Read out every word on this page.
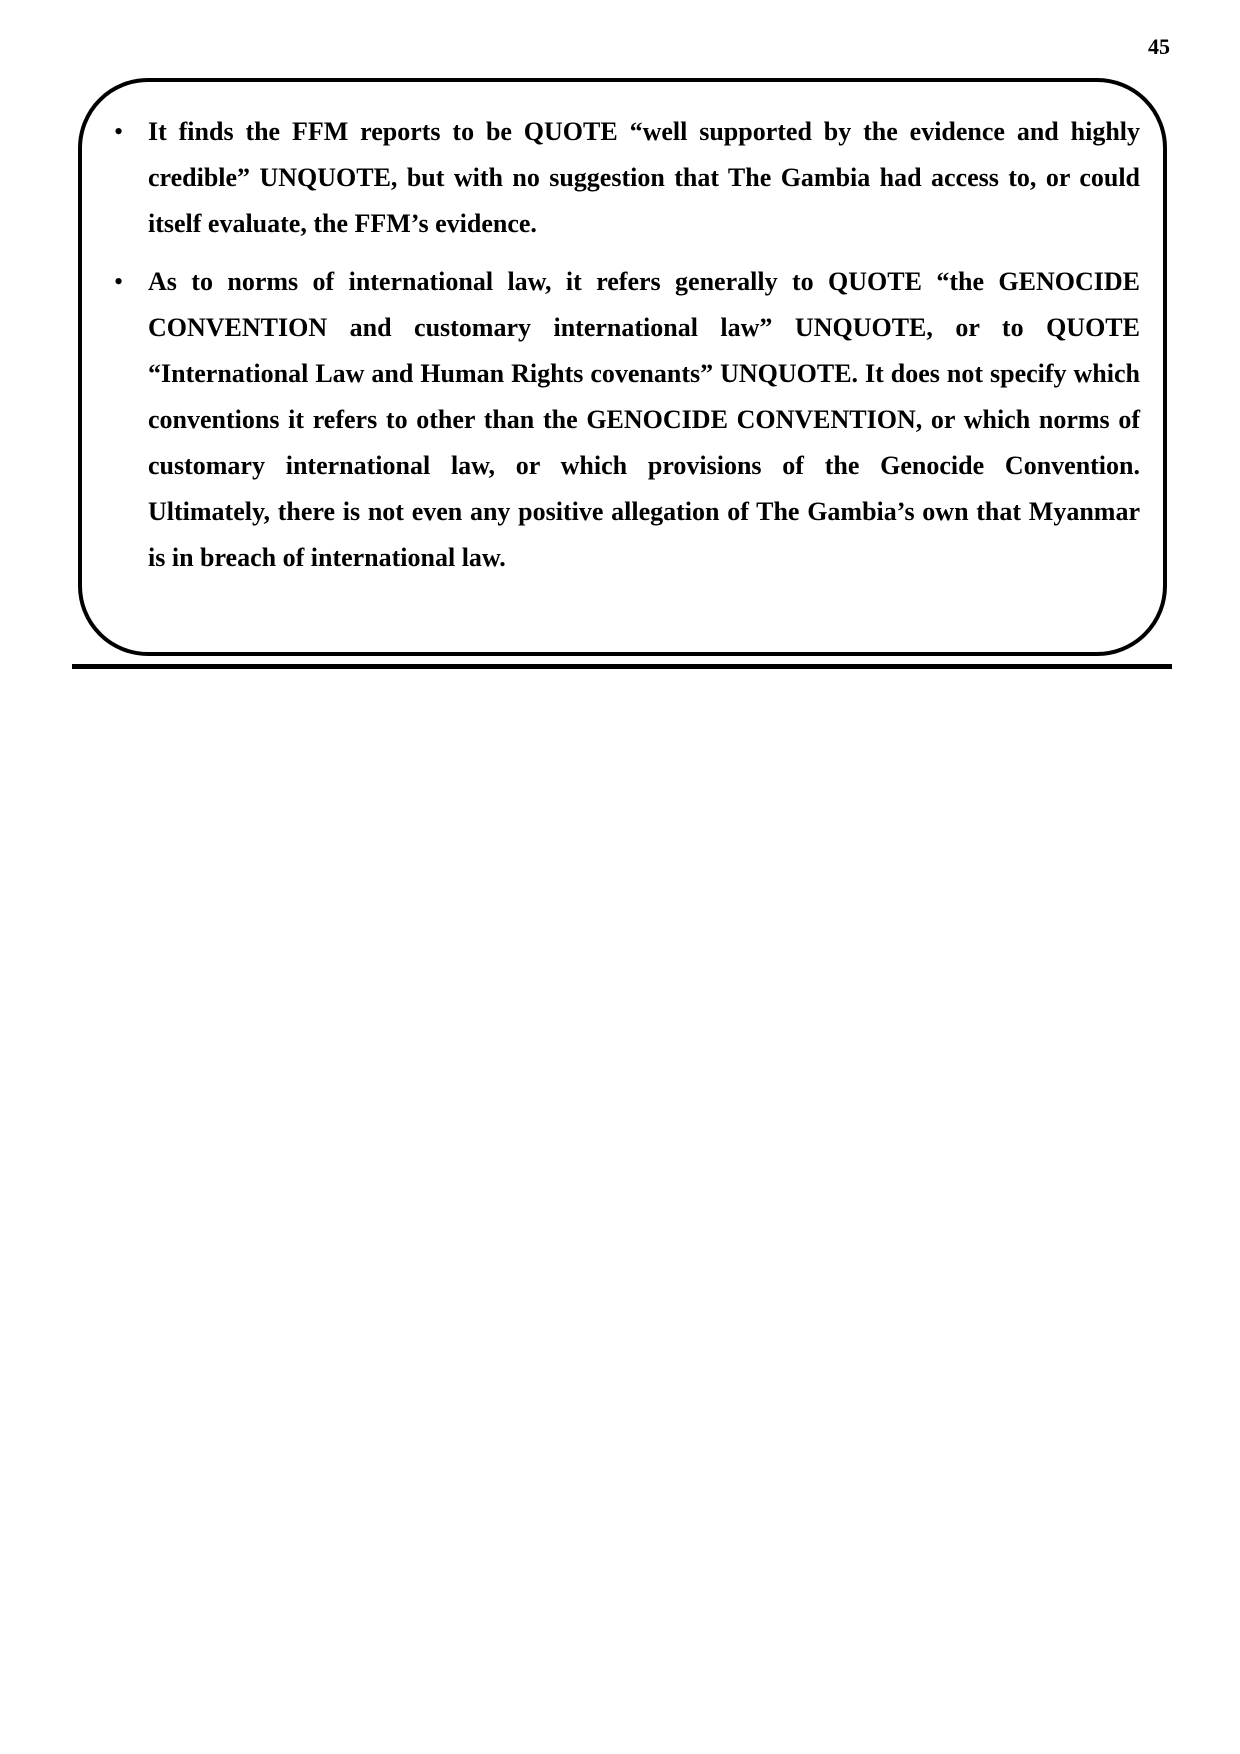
45
• It finds the FFM reports to be QUOTE “well supported by the evidence and highly credible” UNQUOTE, but with no suggestion that The Gambia had access to, or could itself evaluate, the FFM’s evidence.
• As to norms of international law, it refers generally to QUOTE “the GENOCIDE CONVENTION and customary international law” UNQUOTE, or to QUOTE “International Law and Human Rights covenants” UNQUOTE. It does not specify which conventions it refers to other than the GENOCIDE CONVENTION, or which norms of customary international law, or which provisions of the Genocide Convention. Ultimately, there is not even any positive allegation of The Gambia’s own that Myanmar is in breach of international law.
